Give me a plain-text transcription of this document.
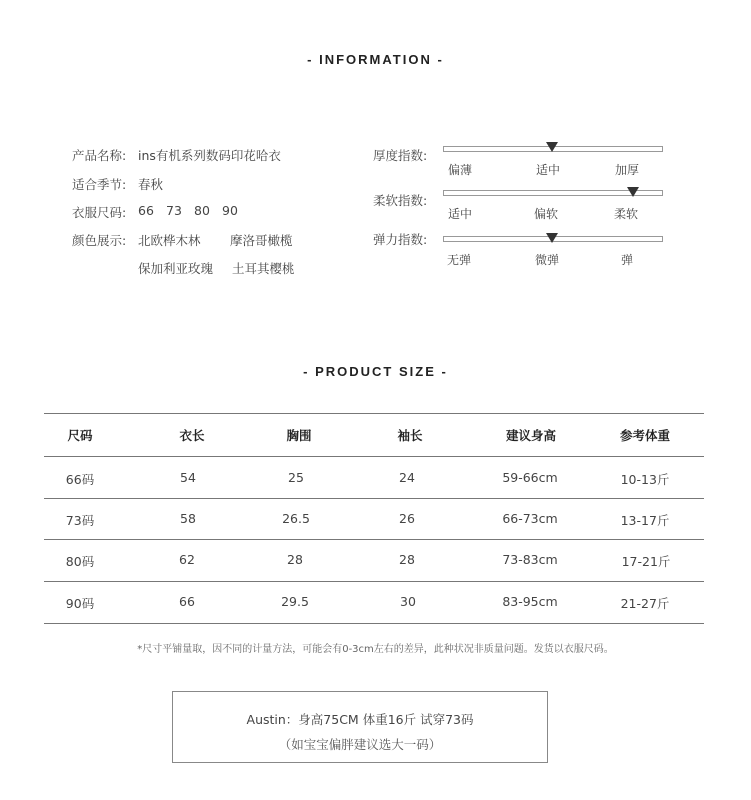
- INFORMATION -
产品名称: ins有机系列数码印花哈衣
适合季节: 春秋
衣服尺码: 66 73 80 90
颜色展示: 北欧桦木林 摩洛哥橄榄
保加利亚玫瑰 土耳其樱桃
厚度指数:
偏薄	适中	加厚
柔软指数:
适中	偏软	柔软
弹力指数:
无弹	微弹	弹
- PRODUCT SIZE -
尺码	衣长	胸围	袖长	建议身高	参考体重
66码	54	25	24	59-66cm	10-13斤
73码	58	26.5	26	66-73cm	13-17斤
80码	62	28	28	73-83cm	17-21斤
90码	66	29.5	30	83-95cm	21-27斤
*尺寸平铺量取，因不同的计量方法，可能会有0-3cm左右的差异，此种状况非质量问题。发货以衣服尺码。
Austin：身高75CM 体重16斤 试穿73码
（如宝宝偏胖建议选大一码）
